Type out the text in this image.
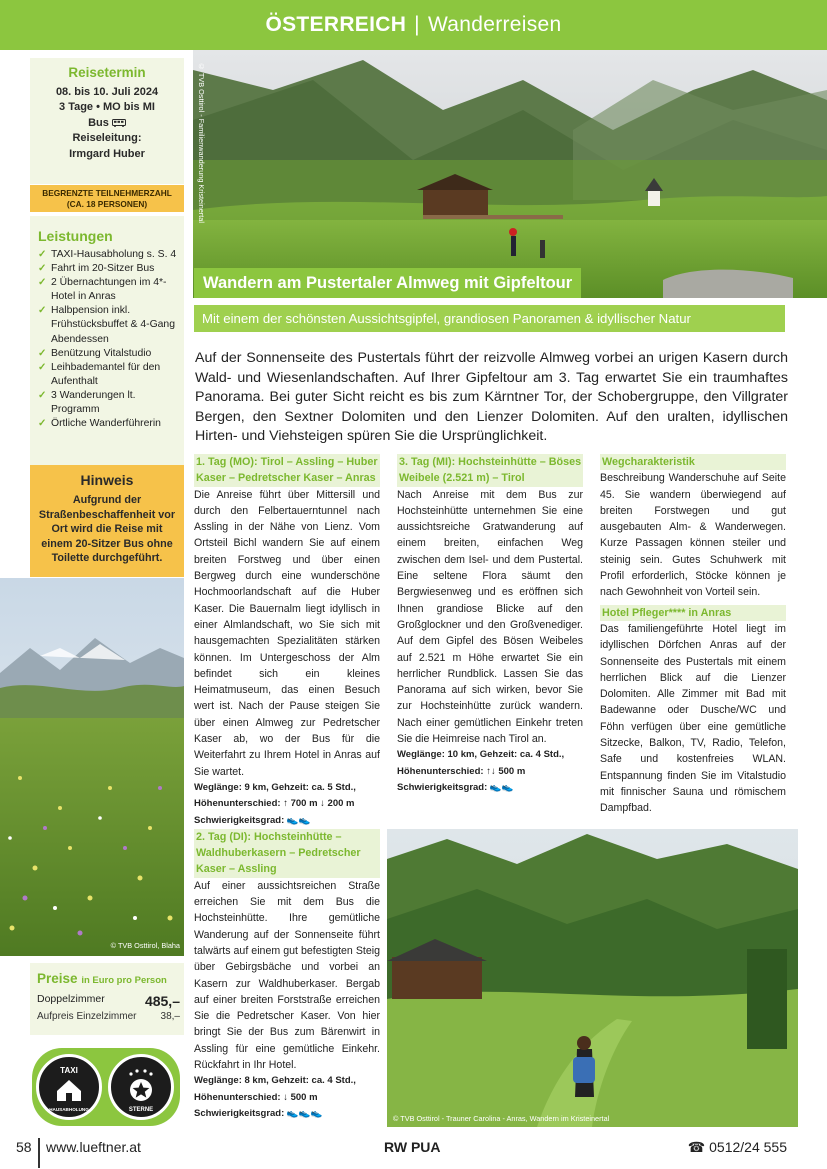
ÖSTERREICH | Wanderreisen
Reisetermin
08. bis 10. Juli 2024
3 Tage • MO bis MI
Bus
Reiseleitung:
Irmgard Huber
BEGRENZTE TEILNEHMERZAHL
(CA. 18 PERSONEN)
Leistungen
✓ TAXI-Hausabholung s. S. 4
✓ Fahrt im 20-Sitzer Bus
✓ 2 Übernachtungen im 4*-Hotel in Anras
✓ Halbpension inkl. Frühstücksbuffet & 4-Gang Abendessen
✓ Benützung Vitalstudio
✓ Leihbademantel für den Aufenthalt
✓ 3 Wanderungen lt. Programm
✓ Örtliche Wanderführerin
Hinweis

Aufgrund der Straßenbeschaffenheit vor Ort wird die Reise mit einem 20-Sitzer Bus ohne Toilette durchgeführt.

© TVB Osttirol, Blaha
Preise in Euro pro Person
Doppelzimmer	485,–
Aufpreis Einzelzimmer 38,–
TAXI
HAUSABHOLUNG	STERNE
© TVB Osttirol - Familienwanderung Kristeinertal
Wandern am Pustertaler Almweg mit Gipfeltour
Mit einem der schönsten Aussichtsgipfel, grandiosen Panoramen & idyllischer Natur

Auf der Sonnenseite des Pustertals führt der reizvolle Almweg vorbei an urigen Kasern durch Wald- und Wiesenlandschaften. Auf Ihrer Gipfeltour am 3. Tag erwartet Sie ein traumhaftes Panorama. Bei guter Sicht reicht es bis zum Kärntner Tor, der Schobergruppe, den Villgrater Bergen, den Sextner Dolomiten und den Lienzer Dolomiten. Auf den uralten, idyllischen Hirten- und Viehsteigen spüren Sie die Ursprünglichkeit.

1. Tag (MO): Tirol – Assling – Huber Kaser – Pedretscher Kaser – Anras

Die Anreise führt über Mittersill und durch den Felbertauerntunnel nach Assling in der Nähe von Lienz. Vom Ortsteil Bichl wandern Sie auf einem breiten Forstweg und über einen Bergweg durch eine wunderschöne Hochmoorlandschaft auf die Huber Kaser. Die Bauernalm liegt idyllisch in einer Almlandschaft, wo Sie sich mit hausgemachten Spezialitäten stärken können. Im Untergeschoss der Alm befindet sich ein kleines Heimatmuseum, das einen Besuch wert ist. Nach der Pause steigen Sie über einen Almweg zur Pedretscher Kaser ab, wo der Bus für die Weiterfahrt zu Ihrem Hotel in Anras auf Sie wartet.

Weglänge: 9 km, Gehzeit: ca. 5 Std.,
Höhenunterschied: ↑ 700 m ↓ 200 m
Schwierigkeitsgrad: 👟👟
2. Tag (DI): Hochsteinhütte – Waldhuberkasern – Pedretscher Kaser – Assling

Auf einer aussichtsreichen Straße erreichen Sie mit dem Bus die Hochsteinhütte. Ihre gemütliche Wanderung auf der Sonnenseite führt talwärts auf einem gut befestigten Steig über Gebirgsbäche und vorbei an Kasern zur Waldhuberkaser. Bergab auf einer breiten Forststraße erreichen Sie die Pedretscher Kaser. Von hier bringt Sie der Bus zum Bärenwirt in Assling für eine gemütliche Einkehr. Rückfahrt in Ihr Hotel.

Weglänge: 8 km, Gehzeit: ca. 4 Std.,
Höhenunterschied: ↓ 500 m
Schwierigkeitsgrad: 👟👟👟
3. Tag (MI): Hochsteinhütte – Böses Weibele (2.521 m) – Tirol

Nach Anreise mit dem Bus zur Hochsteinhütte unternehmen Sie eine aussichtsreiche Gratwanderung auf einem breiten, einfachen Weg zwischen dem Isel- und dem Pustertal. Eine seltene Flora säumt den Bergwiesenweg und es eröffnen sich Ihnen grandiose Blicke auf den Großglockner und den Großvenediger. Auf dem Gipfel des Bösen Weibeles auf 2.521 m Höhe erwartet Sie ein herrlicher Rundblick. Lassen Sie das Panorama auf sich wirken, bevor Sie zur Hochsteinhütte zurück wandern. Nach einer gemütlichen Einkehr treten Sie die Heimreise nach Tirol an.

Weglänge: 10 km, Gehzeit: ca. 4 Std.,
Höhenunterschied: ↑↓ 500 m
Schwierigkeitsgrad: 👟👟
Wegcharakteristik

Beschreibung Wanderschuhe auf Seite 45. Sie wandern überwiegend auf breiten Forstwegen und gut ausgebauten Alm- & Wanderwegen. Kurze Passagen können steiler und steinig sein. Gutes Schuhwerk mit Profil erforderlich, Stöcke können je nach Gewohnheit von Vorteil sein.

Hotel Pfleger**** in Anras

Das familiengeführte Hotel liegt im idyllischen Dörfchen Anras auf der Sonnenseite des Pustertals mit einem herrlichen Blick auf die Lienzer Dolomiten. Alle Zimmer mit Bad mit Badewanne oder Dusche/WC und Föhn verfügen über eine gemütliche Sitzecke, Balkon, TV, Radio, Telefon, Safe und kostenfreies WLAN. Entspannung finden Sie im Vitalstudio mit finnischer Sauna und römischem Dampfbad.

© TVB Osttirol - Trauner Carolina - Anras, Wandern im Kristeinertal
58 www.lueftner.at	RW PUA	☎ 0512/24 555
